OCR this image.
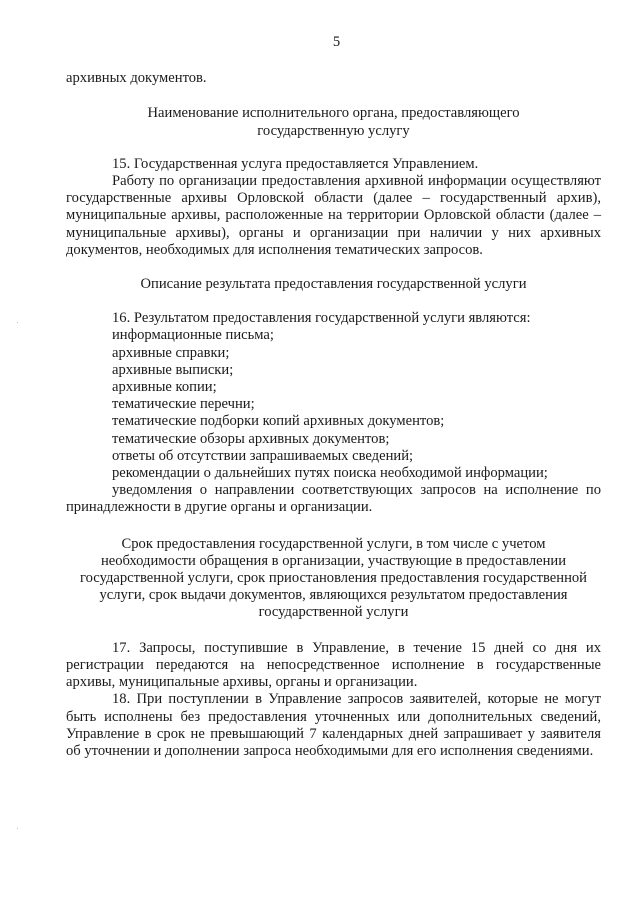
5

архивных документов.

Наименование исполнительного органа, предоставляющего
государственную услугу

15. Государственная услуга предоставляется Управлением.

Работу по организации предоставления архивной информации осуществляют государственные архивы Орловской области (далее – государственный архив), муниципальные архивы, расположенные на территории Орловской области (далее – муниципальные архивы), органы и организации при наличии у них архивных документов, необходимых для исполнения тематических запросов.

Описание результата предоставления государственной услуги

16. Результатом предоставления государственной услуги являются:

информационные письма;

архивные справки;

архивные выписки;

архивные копии;

тематические перечни;

тематические подборки копий архивных документов;

тематические обзоры архивных документов;

ответы об отсутствии запрашиваемых сведений;

рекомендации о дальнейших путях поиска необходимой информации;

уведомления о направлении соответствующих запросов на исполнение по принадлежности в другие органы и организации.

Срок предоставления государственной услуги, в том числе с учетом
необходимости обращения в организации, участвующие в предоставлении
государственной услуги, срок приостановления предоставления государственной
услуги, срок выдачи документов, являющихся результатом предоставления
государственной услуги

17. Запросы, поступившие в Управление, в течение 15 дней со дня их регистрации передаются на непосредственное исполнение в государственные архивы, муниципальные архивы, органы и организации.

18. При поступлении в Управление запросов заявителей, которые не могут быть исполнены без предоставления уточненных или дополнительных сведений, Управление в срок не превышающий 7 календарных дней запрашивает у заявителя об уточнении и дополнении запроса необходимыми для его исполнения сведениями.
